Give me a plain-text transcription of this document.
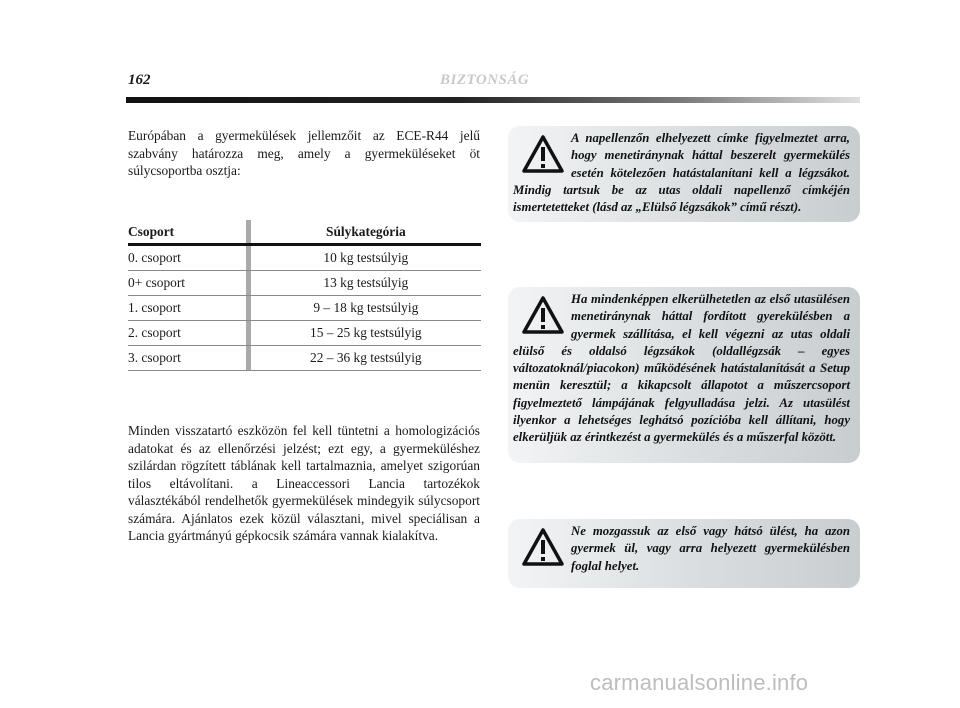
162	BIZTONSÁG
Európában a gyermekülések jellemzőit az ECE-R44 jelű szabvány határozza meg, amely a gyermeküléseket öt súlycsoportba osztja:
Csoport		Súlykategória
0. csoport		10 kg testsúlyig
0+ csoport		13 kg testsúlyig
1. csoport		9 – 18 kg testsúlyig
2. csoport		15 – 25 kg testsúlyig
3. csoport		22 – 36 kg testsúlyig
Minden visszatartó eszközön fel kell tüntetni a homologizációs adatokat és az ellenőrzési jelzést; ezt egy, a gyermeküléshez szilárdan rögzített táblának kell tartalmaznia, amelyet szigorúan tilos eltávolítani. a Lineaccessori Lancia tartozékok választékából rendelhetők gyermekülések mindegyik súlycsoport számára. Ajánlatos ezek közül választani, mivel speciálisan a Lancia gyártmányú gépkocsik számára vannak kialakítva.
A napellenzőn elhelyezett címke figyelmeztet arra, hogy menetiránynak háttal beszerelt gyermekülés esetén kötelezően hatástalanítani kell a légzsákot. Mindig tartsuk be az utas oldali napellenző címkéjén ismertetetteket (lásd az „Elülső légzsákok” című részt).
Ha mindenképpen elkerülhetetlen az első utasülésen menetiránynak háttal fordított gyerekülésben a gyermek szállítása, el kell végezni az utas oldali elülső és oldalsó légzsákok (oldallégzsák – egyes változatoknál/piacokon) működésének hatástalanítását a Setup menün keresztül; a kikapcsolt állapotot a műszercsoport figyelmeztető lámpájának felgyulladása jelzi. Az utasülést ilyenkor a lehetséges leghátsó pozícióba kell állítani, hogy elkerüljük az érintkezést a gyermekülés és a műszerfal között.
Ne mozgassuk az első vagy hátsó ülést, ha azon gyermek ül, vagy arra helyezett gyermekülésben foglal helyet.
carmanualsonline.info
